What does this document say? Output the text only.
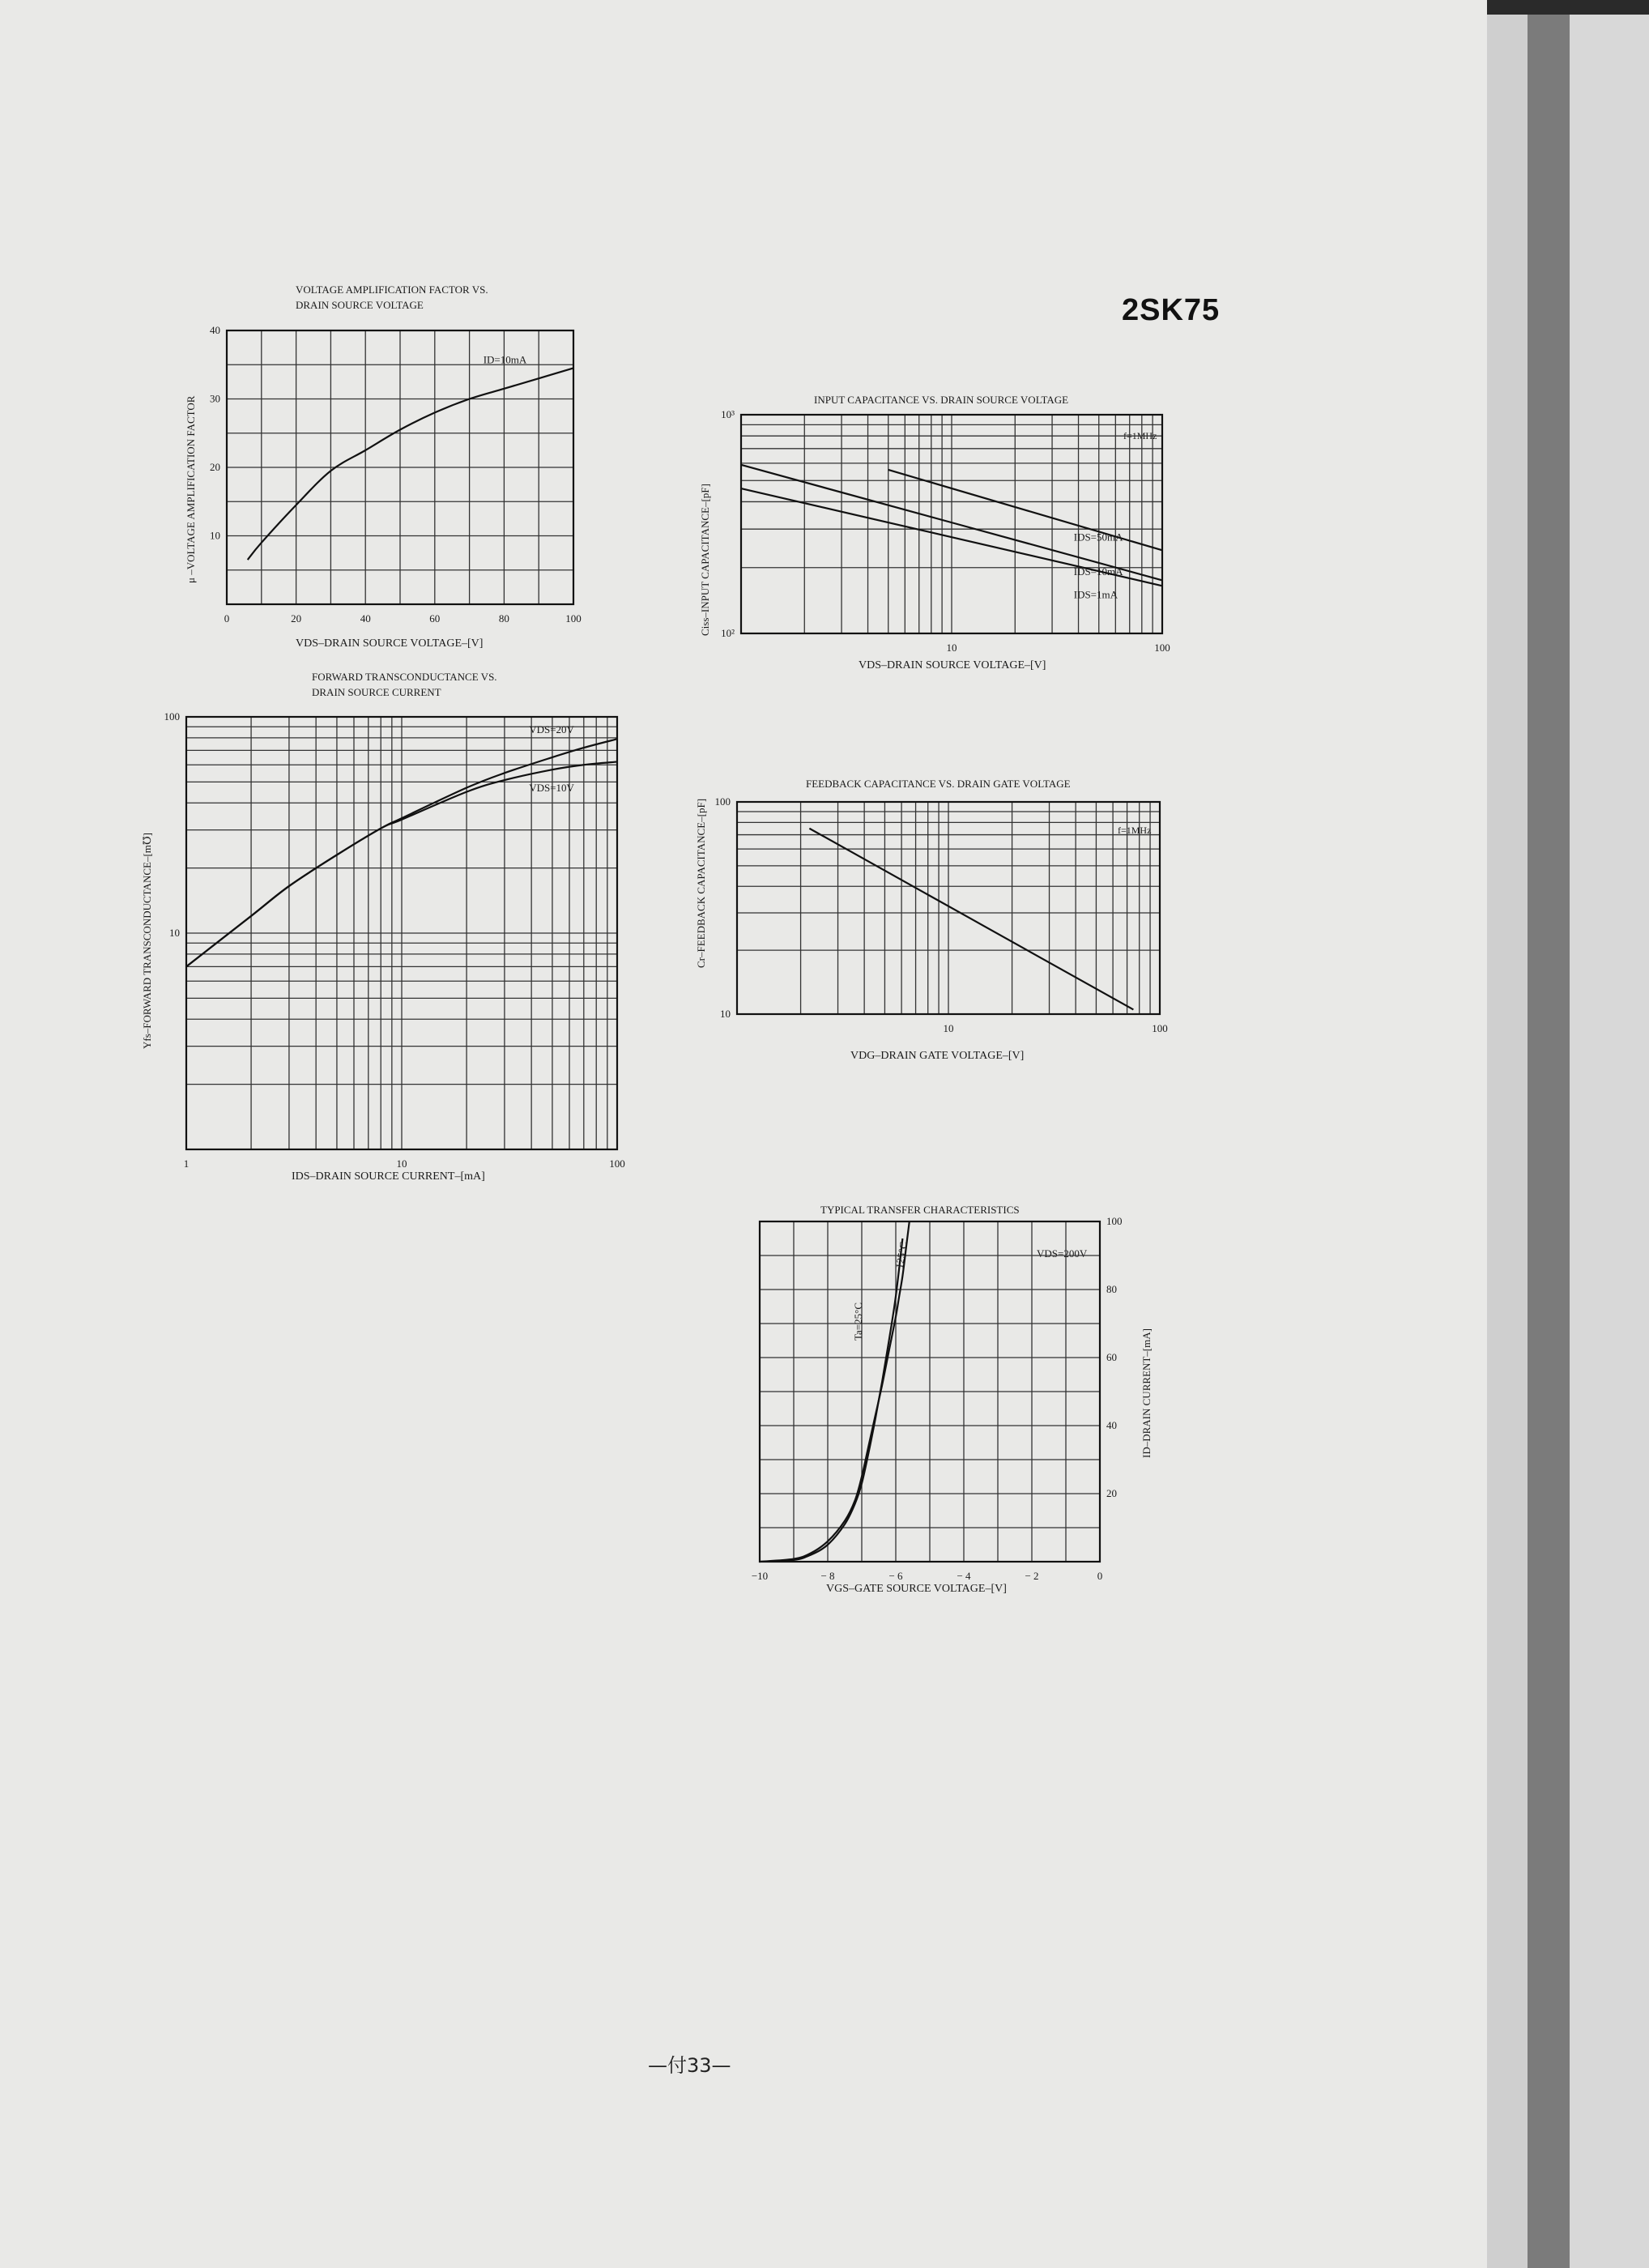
2SK75
VOLTAGE AMPLIFICATION FACTOR VS.
DRAIN SOURCE VOLTAGE
μ –VOLTAGE AMPLIFICATION FACTOR
VDS–DRAIN SOURCE VOLTAGE–[V]
0	20	40	60	80	100
10
20
30
40
ID=10mA
INPUT CAPACITANCE VS. DRAIN SOURCE VOLTAGE
Ciss–INPUT CAPACITANCE–[pF]
VDS–DRAIN SOURCE VOLTAGE–[V]
f=1MHz
10	100
10²
10³
IDS=50mA
IDS=10mA
IDS=1mA
FORWARD TRANSCONDUCTANCE VS.
DRAIN SOURCE CURRENT
Yfs–FORWARD TRANSCONDUCTANCE–[m℧]
IDS–DRAIN SOURCE CURRENT–[mA]
1	10	100
10
100
VDS=20V
VDS=10V	FEEDBACK CAPACITANCE VS. DRAIN GATE VOLTAGE
Cr–FEEDBACK CAPACITANCE–[pF]
VDG–DRAIN GATE VOLTAGE–[V]
f=1MHz
10	100
10
100
TYPICAL TRANSFER CHARACTERISTICS
ID–DRAIN CURRENT–[mA]
VGS–GATE SOURCE VOLTAGE–[V]
VDS=200V
−10	− 8	− 6	− 4	− 2	0
20
40
60
80
100
Ta=25°C
125°C
—付33—
